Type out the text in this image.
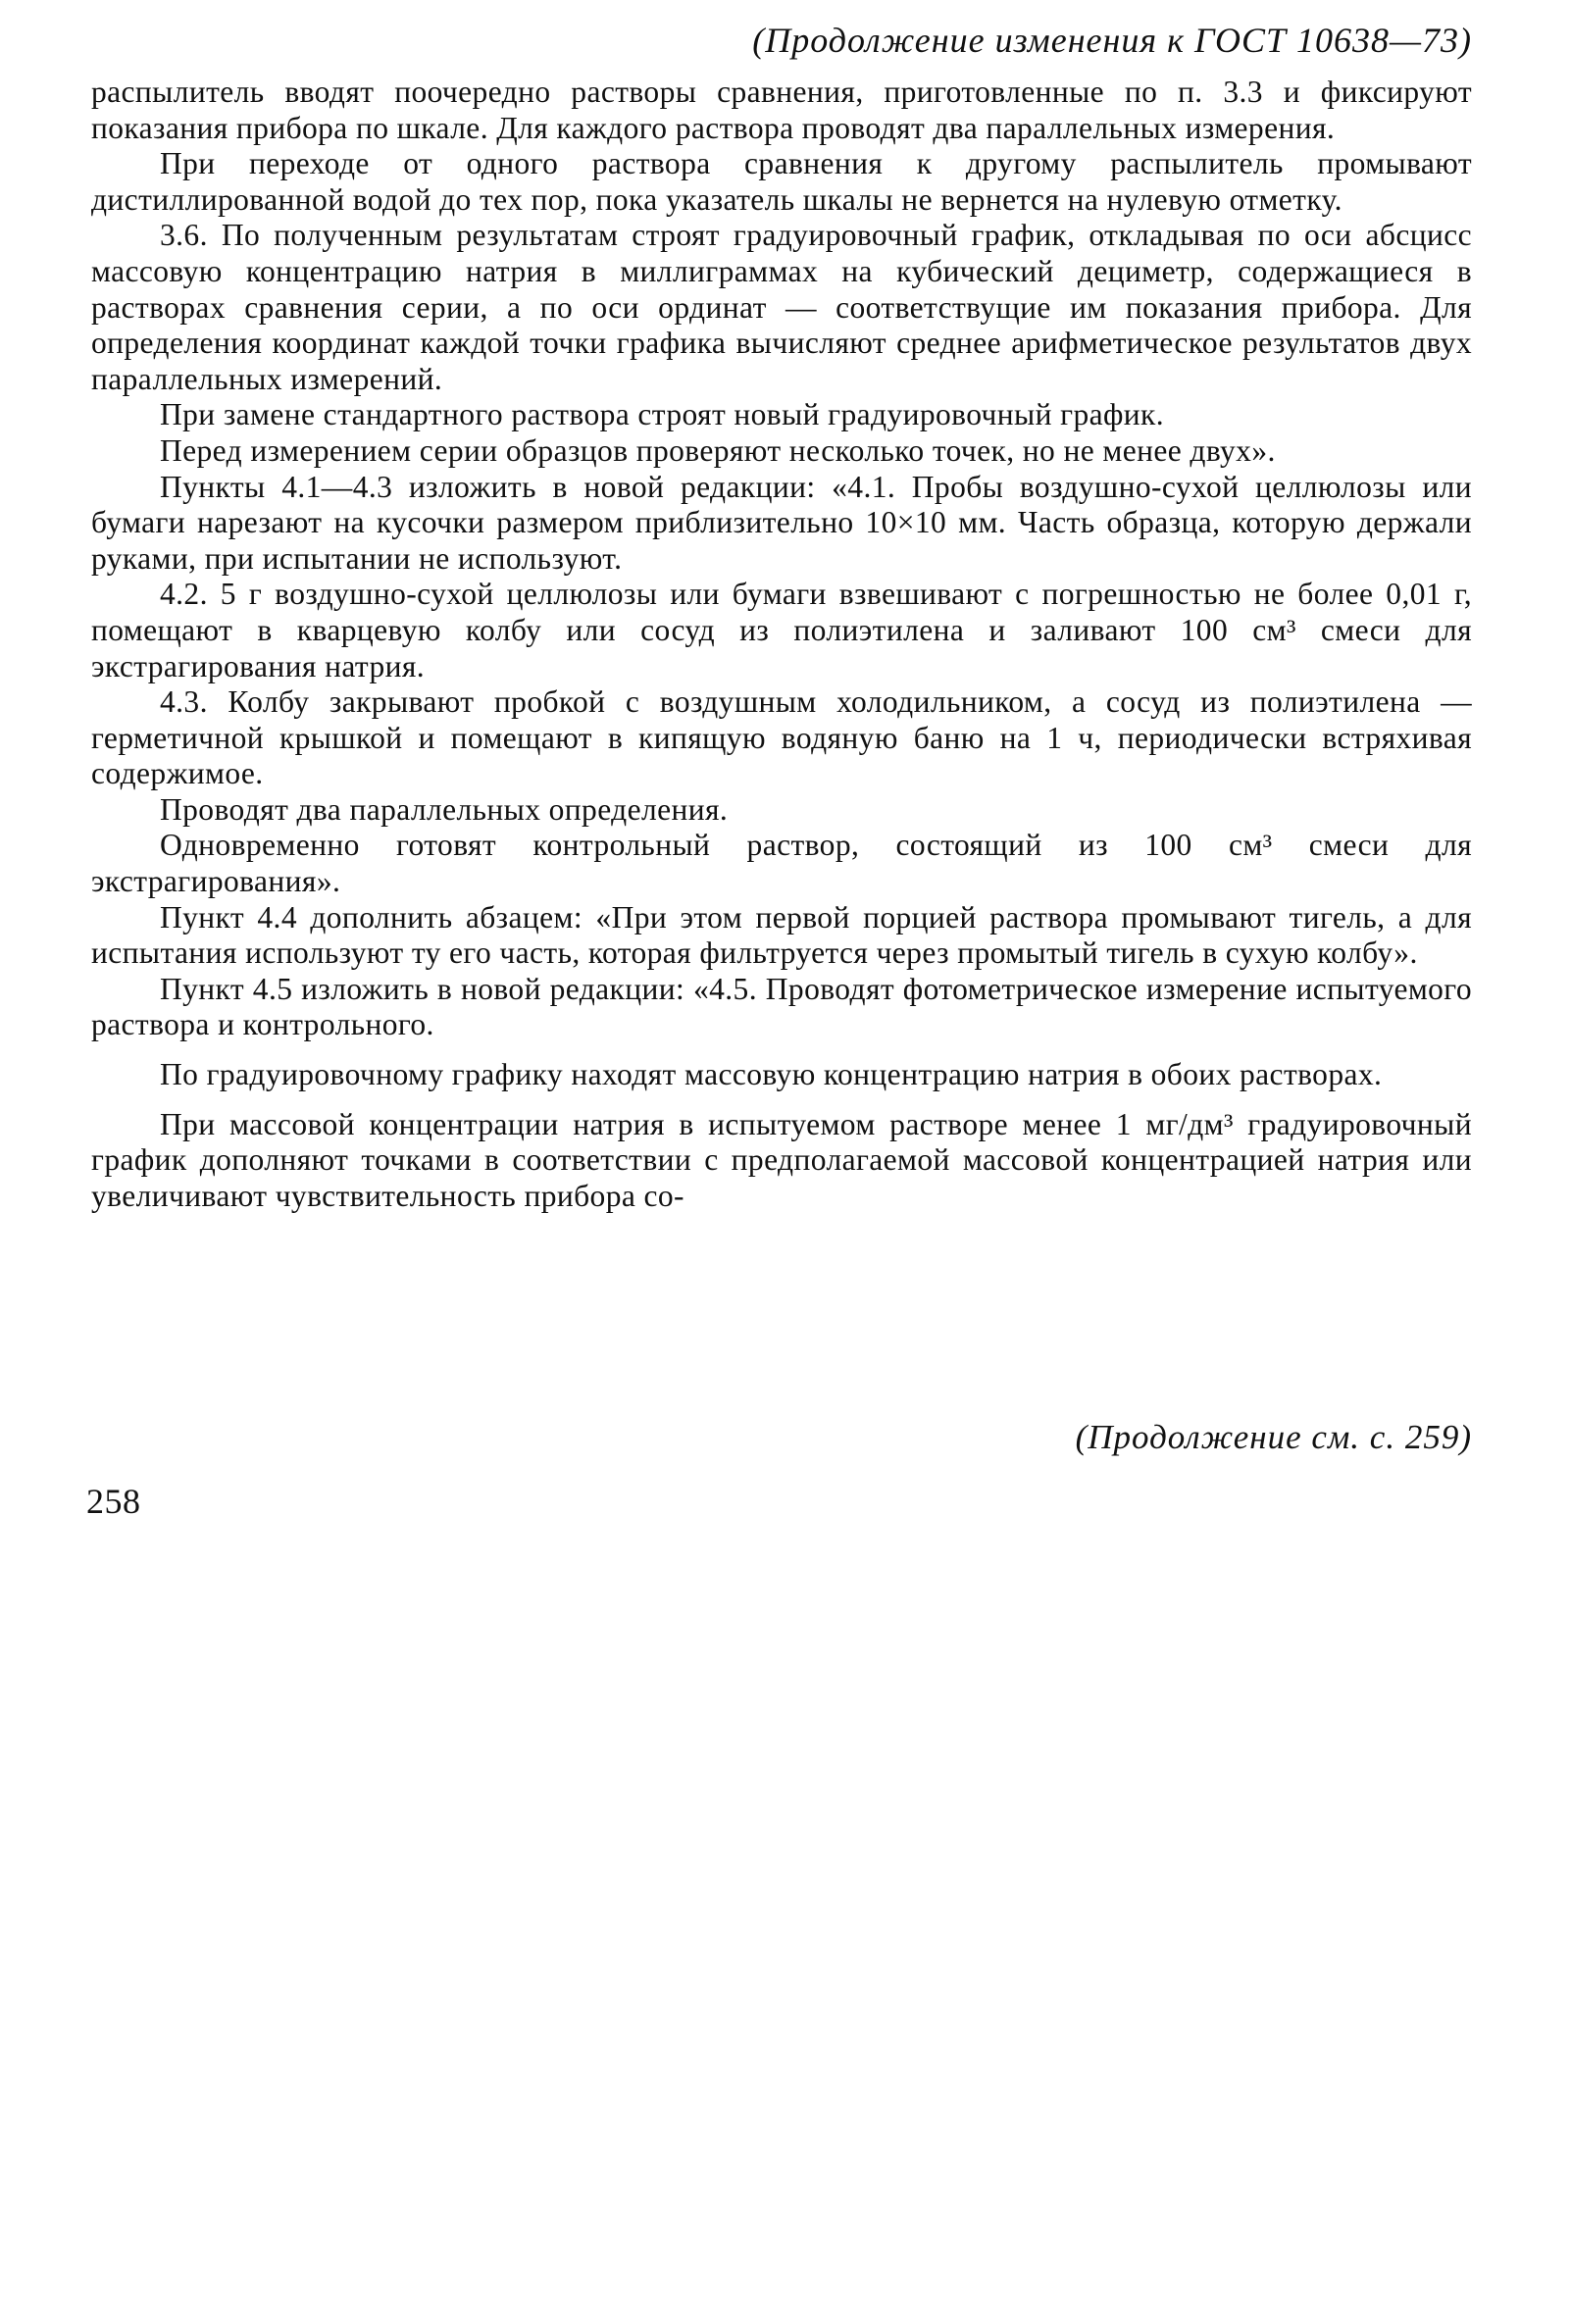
(Продолжение изменения к ГОСТ 10638—73)

распылитель вводят поочередно растворы сравнения, приготовленные по п. 3.3 и фиксируют показания прибора по шкале. Для каждого раствора проводят два параллельных измерения.

При переходе от одного раствора сравнения к другому распылитель промывают дистиллированной водой до тех пор, пока указатель шкалы не вернется на нулевую отметку.

3.6. По полученным результатам строят градуировочный график, откладывая по оси абсцисс массовую концентрацию натрия в миллиграммах на кубический дециметр, содержащиеся в растворах сравнения серии, а по оси ординат — соответствущие им показания прибора. Для определения координат каждой точки графика вычисляют среднее арифметическое результатов двух параллельных измерений.

При замене стандартного раствора строят новый градуировочный график.

Перед измерением серии образцов проверяют несколько точек, но не менее двух».

Пункты 4.1—4.3 изложить в новой редакции: «4.1. Пробы воздушно-сухой целлюлозы или бумаги нарезают на кусочки размером приблизительно 10×10 мм. Часть образца, которую держали руками, при испытании не используют.

4.2. 5 г воздушно-сухой целлюлозы или бумаги взвешивают с погрешностью не более 0,01 г, помещают в кварцевую колбу или сосуд из полиэтилена и заливают 100 см³ смеси для экстрагирования натрия.

4.3. Колбу закрывают пробкой с воздушным холодильником, а сосуд из полиэтилена — герметичной крышкой и помещают в кипящую водяную баню на 1 ч, периодически встряхивая содержимое.

Проводят два параллельных определения.

Одновременно готовят контрольный раствор, состоящий из 100 см³ смеси для экстрагирования».

Пункт 4.4 дополнить абзацем: «При этом первой порцией раствора промывают тигель, а для испытания используют ту его часть, которая фильтруется через промытый тигель в сухую колбу».

Пункт 4.5 изложить в новой редакции: «4.5. Проводят фотометрическое измерение испытуемого раствора и контрольного.

По градуировочному графику находят массовую концентрацию натрия в обоих растворах.

При массовой концентрации натрия в испытуемом растворе менее 1 мг/дм³ градуировочный график дополняют точками в соответствии с предполагаемой массовой концентрацией натрия или увеличивают чувствительность прибора со-

(Продолжение см. с. 259)
258
